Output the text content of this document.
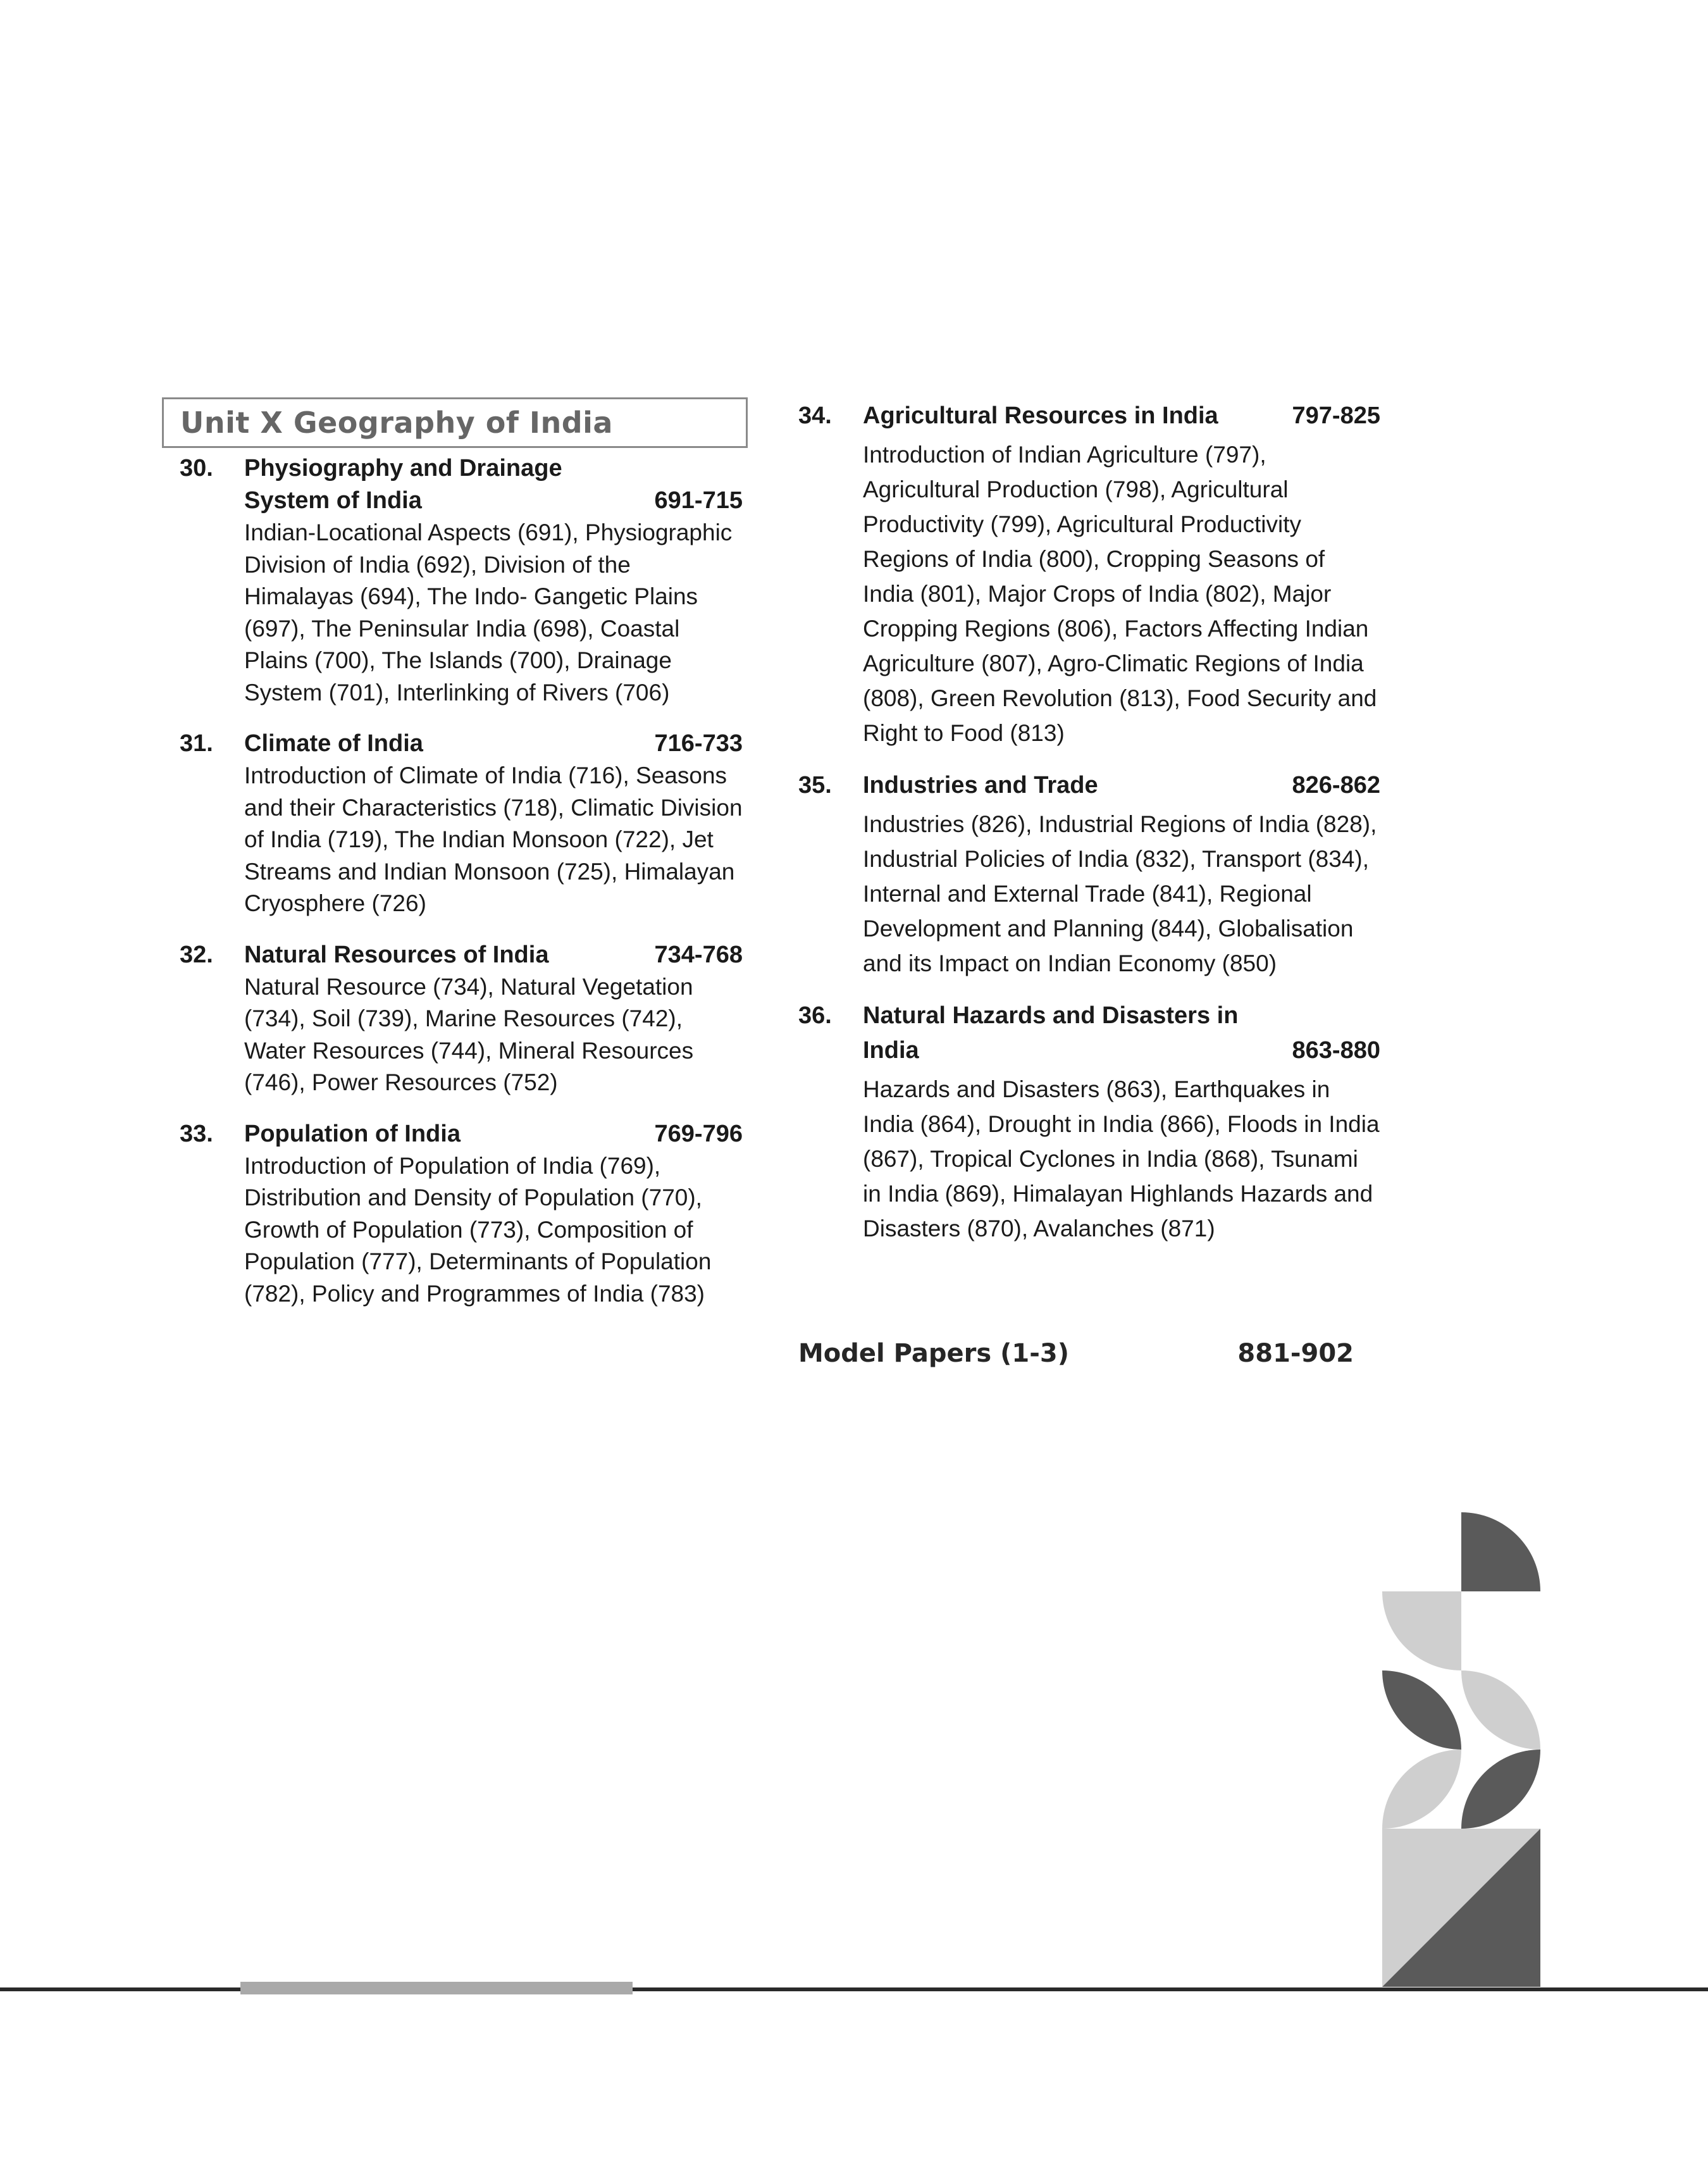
Unit X Geography of India
30. Physiography and Drainage System of India	691-715
Indian-Locational Aspects (691), Physiographic Division of India (692), Division of the Himalayas (694), The Indo- Gangetic Plains (697), The Peninsular India (698), Coastal Plains (700), The Islands (700), Drainage System (701), Interlinking of Rivers (706)
31. Climate of India	716-733
Introduction of Climate of India (716), Seasons and their Characteristics (718), Climatic Division of India (719), The Indian Monsoon (722), Jet Streams and Indian Monsoon (725), Himalayan Cryosphere (726)
32. Natural Resources of India	734-768
Natural Resource (734), Natural Vegetation (734), Soil (739), Marine Resources (742), Water Resources (744), Mineral Resources (746), Power Resources (752)
33. Population of India	769-796
Introduction of Population of India (769), Distribution and Density of Population (770), Growth of Population (773), Composition of Population (777), Determinants of Population (782), Policy and Programmes of India (783)
34. Agricultural Resources in India	797-825
Introduction of Indian Agriculture (797), Agricultural Production (798), Agricultural Productivity (799), Agricultural Productivity Regions of India (800), Cropping Seasons of India (801), Major Crops of India (802), Major Cropping Regions (806), Factors Affecting Indian Agriculture (807), Agro-Climatic Regions of India (808), Green Revolution (813), Food Security and Right to Food (813)
35. Industries and Trade	826-862
Industries (826), Industrial Regions of India (828), Industrial Policies of India (832), Transport (834), Internal and External Trade (841), Regional Development and Planning (844), Globalisation and its Impact on Indian Economy (850)
36. Natural Hazards and Disasters in India	863-880
Hazards and Disasters (863), Earthquakes in India (864), Drought in India (866), Floods in India (867), Tropical Cyclones in India (868), Tsunami in India (869), Himalayan Highlands Hazards and Disasters (870), Avalanches (871)
Model Papers (1-3)	881-902
